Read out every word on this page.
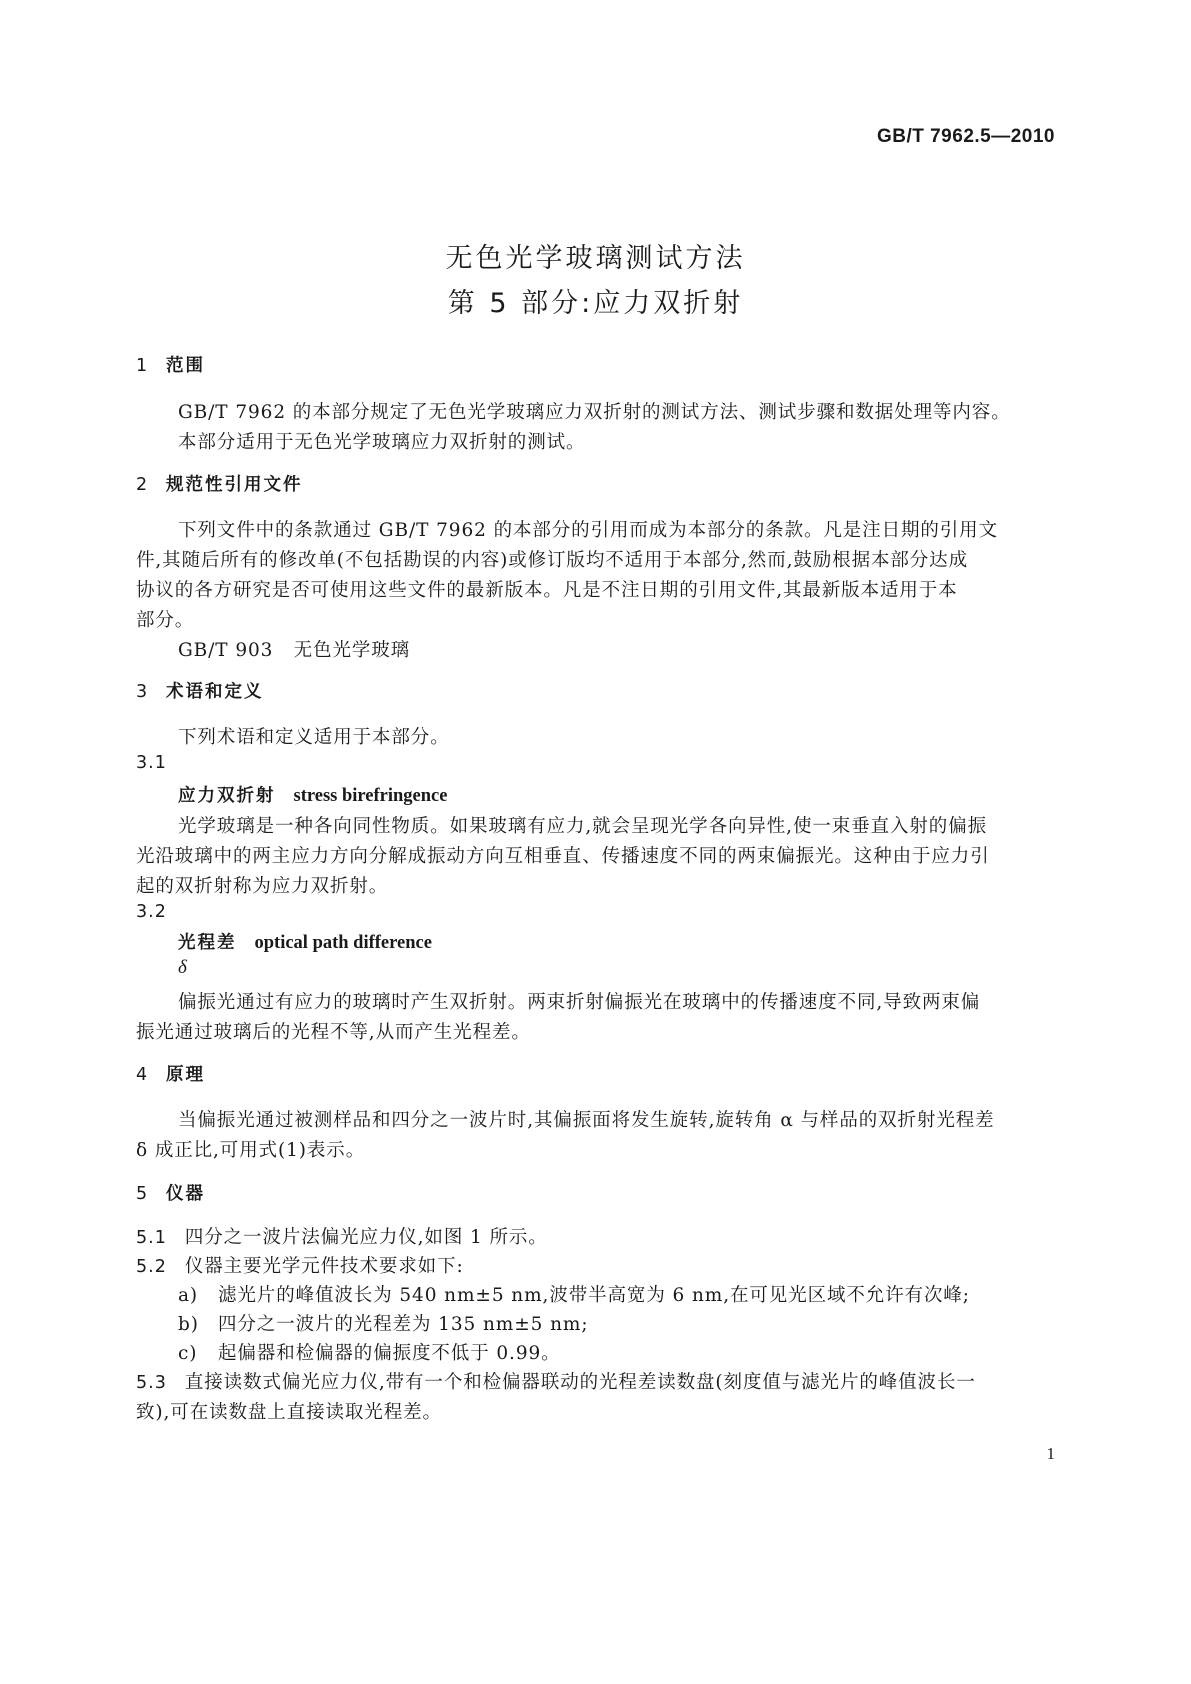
GB/T 7962.5—2010
无色光学玻璃测试方法
第 5 部分:应力双折射
1 范围
GB/T 7962 的本部分规定了无色光学玻璃应力双折射的测试方法、测试步骤和数据处理等内容。
本部分适用于无色光学玻璃应力双折射的测试。
2 规范性引用文件
下列文件中的条款通过 GB/T 7962 的本部分的引用而成为本部分的条款。凡是注日期的引用文
件,其随后所有的修改单(不包括勘误的内容)或修订版均不适用于本部分,然而,鼓励根据本部分达成
协议的各方研究是否可使用这些文件的最新版本。凡是不注日期的引用文件,其最新版本适用于本
部分。
GB/T 903   无色光学玻璃
3 术语和定义
下列术语和定义适用于本部分。
3.1
应力双折射 stress birefringence
光学玻璃是一种各向同性物质。如果玻璃有应力,就会呈现光学各向异性,使一束垂直入射的偏振
光沿玻璃中的两主应力方向分解成振动方向互相垂直、传播速度不同的两束偏振光。这种由于应力引
起的双折射称为应力双折射。
3.2
光程差 optical path difference
δ
偏振光通过有应力的玻璃时产生双折射。两束折射偏振光在玻璃中的传播速度不同,导致两束偏
振光通过玻璃后的光程不等,从而产生光程差。
4 原理
当偏振光通过被测样品和四分之一波片时,其偏振面将发生旋转,旋转角 α 与样品的双折射光程差
δ 成正比,可用式(1)表示。
5 仪器
5.1 四分之一波片法偏光应力仪,如图 1 所示。
5.2 仪器主要光学元件技术要求如下:
a) 滤光片的峰值波长为 540 nm±5 nm,波带半高宽为 6 nm,在可见光区域不允许有次峰;
b) 四分之一波片的光程差为 135 nm±5 nm;
c) 起偏器和检偏器的偏振度不低于 0.99。
5.3 直接读数式偏光应力仪,带有一个和检偏器联动的光程差读数盘(刻度值与滤光片的峰值波长一
致),可在读数盘上直接读取光程差。
1
